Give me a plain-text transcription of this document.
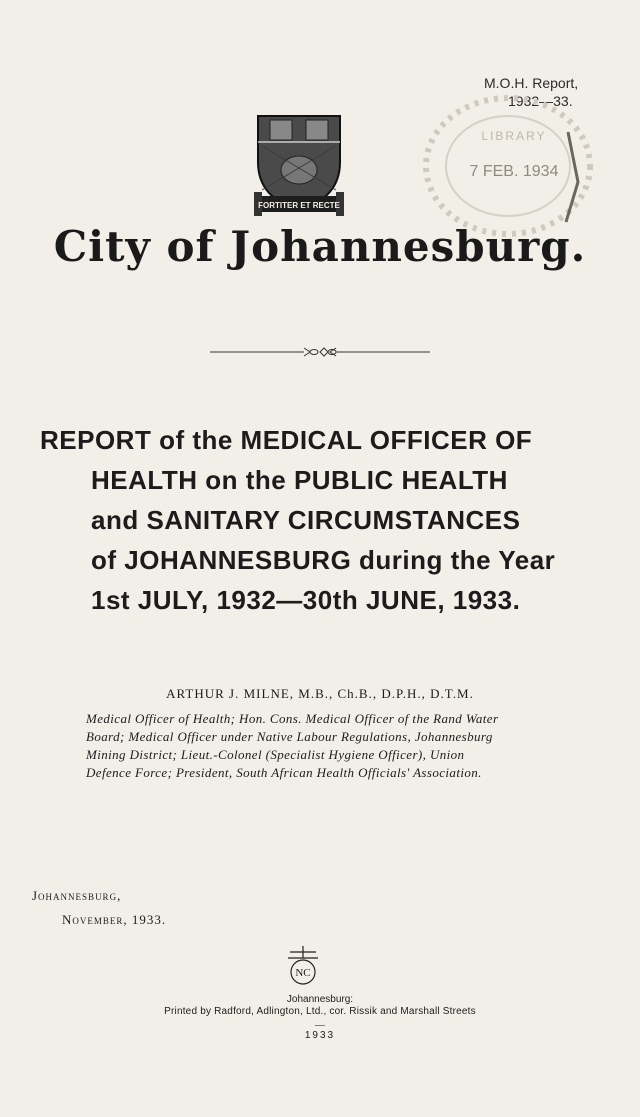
M.O.H. Report,
1932—33.
FORTITER ET RECTE
LIBRARY
7 FEB. 1934
City of Johannesburg.
REPORT of the MEDICAL OFFICER OF
HEALTH on the PUBLIC HEALTH
and SANITARY CIRCUMSTANCES
of JOHANNESBURG during the Year
1st JULY, 1932—30th JUNE, 1933.
ARTHUR J. MILNE, M.B., Ch.B., D.P.H., D.T.M.
Medical Officer of Health; Hon. Cons. Medical Officer of the Rand Water
Board; Medical Officer under Native Labour Regulations, Johannesburg
Mining District; Lieut.-Colonel (Specialist Hygiene Officer), Union
Defence Force; President, South African Health Officials' Association.
Johannesburg,
November, 1933.
NC
Johannesburg:
Printed by Radford, Adlington, Ltd., cor. Rissik and Marshall Streets
—
1933
